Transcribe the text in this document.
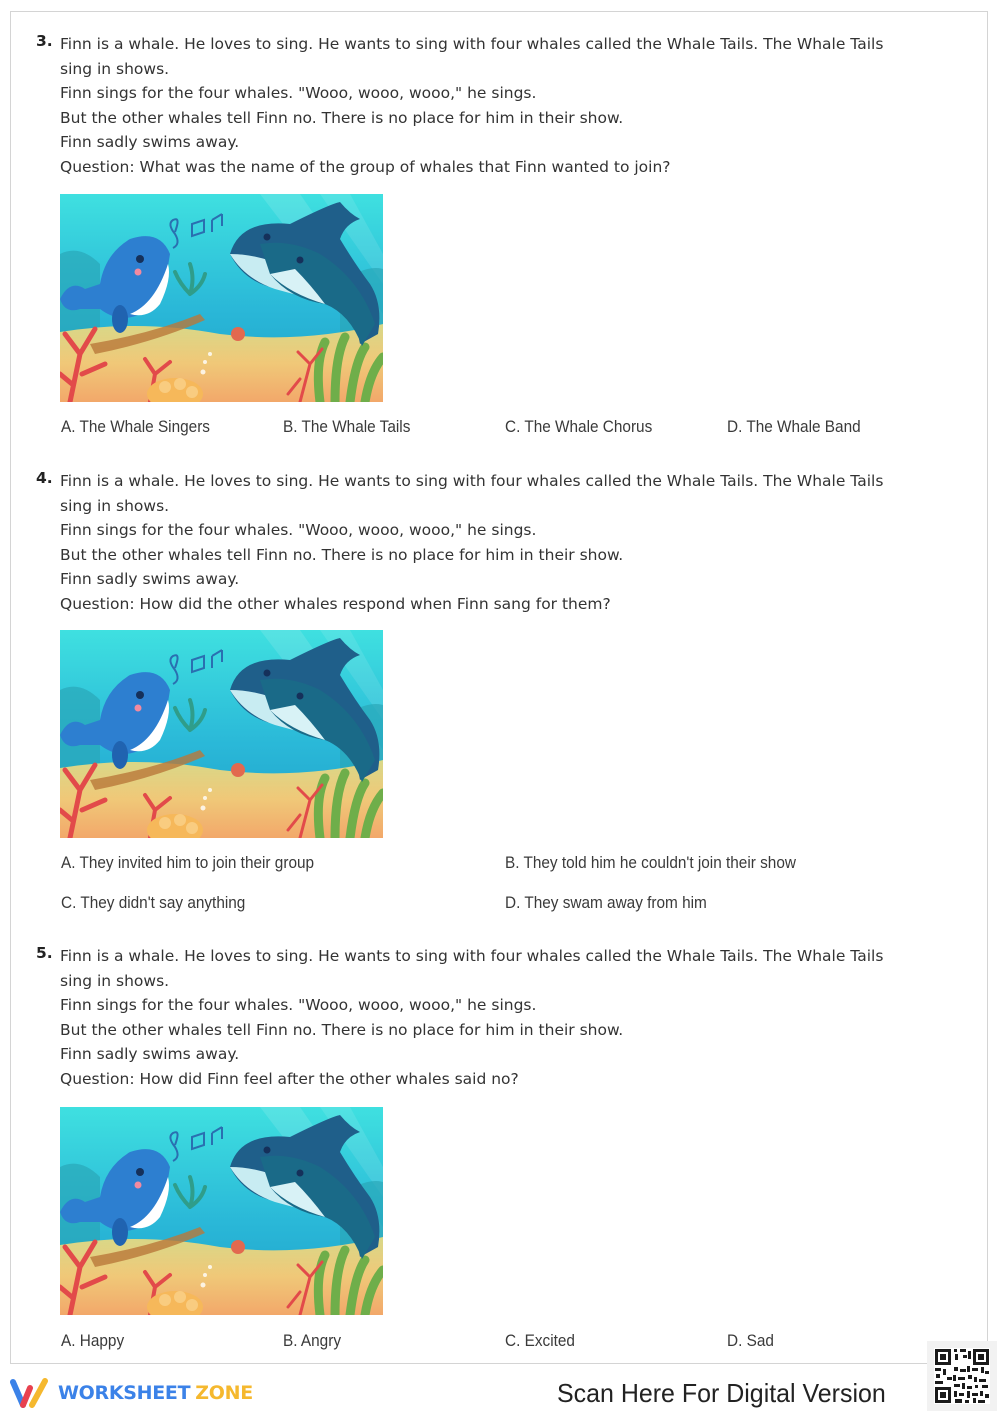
3. Finn is a whale. He loves to sing. He wants to sing with four whales called the Whale Tails. The Whale Tails
sing in shows.
Finn sings for the four whales. "Wooo, wooo, wooo," he sings.
But the other whales tell Finn no. There is no place for him in their show.
Finn sadly swims away.
Question: What was the name of the group of whales that Finn wanted to join?
A. The Whale Singers	B. The Whale Tails	C. The Whale Chorus	D. The Whale Band
4. Finn is a whale. He loves to sing. He wants to sing with four whales called the Whale Tails. The Whale Tails
sing in shows.
Finn sings for the four whales. "Wooo, wooo, wooo," he sings.
But the other whales tell Finn no. There is no place for him in their show.
Finn sadly swims away.
Question: How did the other whales respond when Finn sang for them?
A. They invited him to join their group	B. They told him he couldn't join their show
C. They didn't say anything	D. They swam away from him
5. Finn is a whale. He loves to sing. He wants to sing with four whales called the Whale Tails. The Whale Tails
sing in shows.
Finn sings for the four whales. "Wooo, wooo, wooo," he sings.
But the other whales tell Finn no. There is no place for him in their show.
Finn sadly swims away.
Question: How did Finn feel after the other whales said no?
A. Happy	B. Angry	C. Excited	D. Sad
WORKSHEET ZONE	Scan Here For Digital Version
